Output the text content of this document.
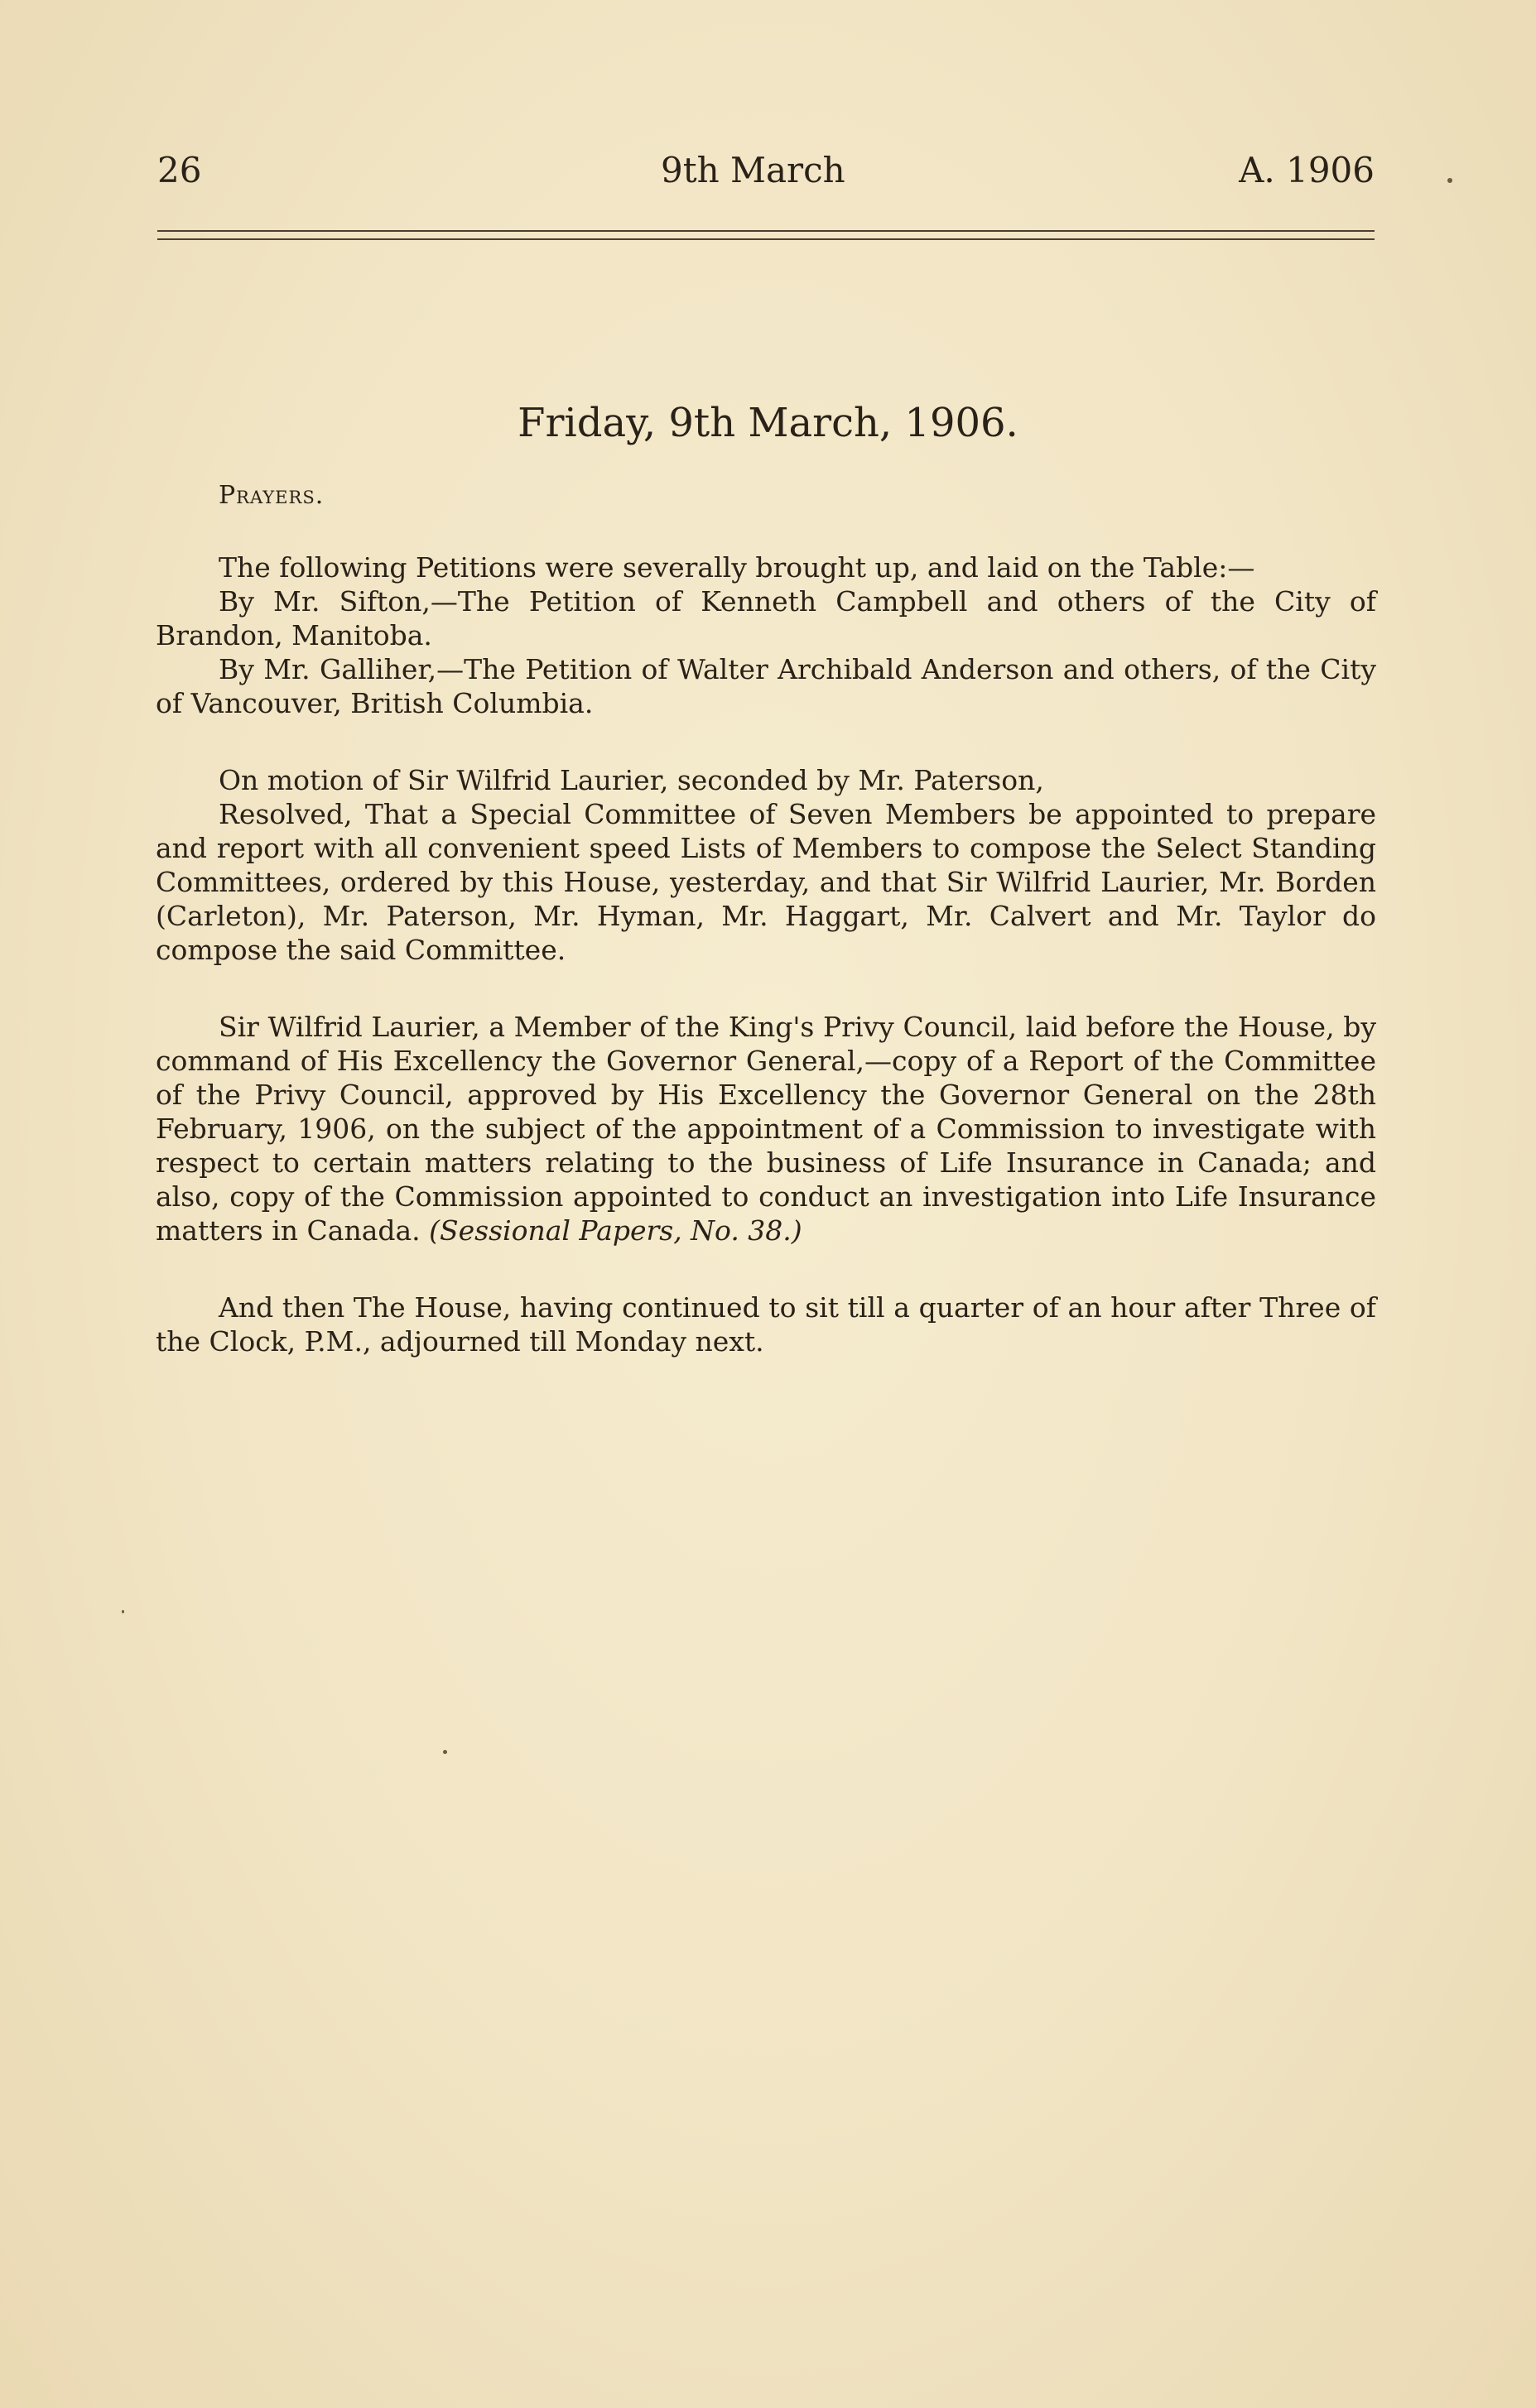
26	9th March	A. 1906
Friday, 9th March, 1906.

Prayers.

The following Petitions were severally brought up, and laid on the Table:—

By Mr. Sifton,—The Petition of Kenneth Campbell and others of the City of Brandon, Manitoba.

By Mr. Galliher,—The Petition of Walter Archibald Anderson and others, of the City of Vancouver, British Columbia.

On motion of Sir Wilfrid Laurier, seconded by Mr. Paterson,

Resolved, That a Special Committee of Seven Members be appointed to prepare and report with all convenient speed Lists of Members to compose the Select Standing Committees, ordered by this House, yesterday, and that Sir Wilfrid Laurier, Mr. Borden (Carleton), Mr. Paterson, Mr. Hyman, Mr. Haggart, Mr. Calvert and Mr. Taylor do compose the said Committee.

Sir Wilfrid Laurier, a Member of the King's Privy Council, laid before the House, by command of His Excellency the Governor General,—copy of a Report of the Committee of the Privy Council, approved by His Excellency the Governor General on the 28th February, 1906, on the subject of the appointment of a Commission to investigate with respect to certain matters relating to the business of Life Insurance in Canada; and also, copy of the Commission appointed to conduct an investigation into Life Insurance matters in Canada. (Sessional Papers, No. 38.)

And then The House, having continued to sit till a quarter of an hour after Three of the Clock, P.M., adjourned till Monday next.
